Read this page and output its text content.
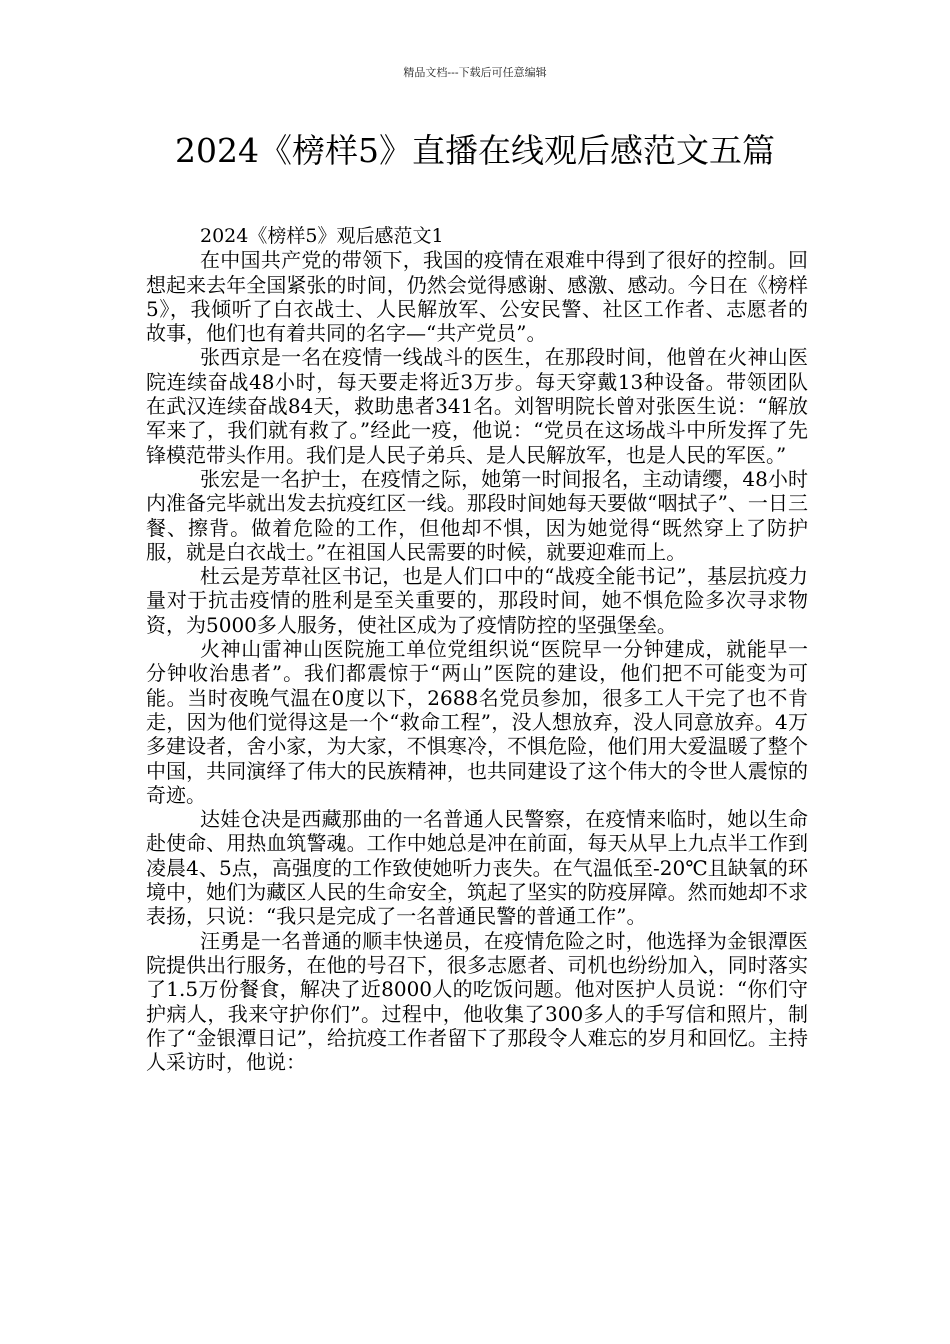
精品文档---下载后可任意编辑
2024《榜样5》直播在线观后感范文五篇

2024《榜样5》观后感范文1

在中国共产党的带领下，我国的疫情在艰难中得到了很好的控制。回想起来去年全国紧张的时间，仍然会觉得感谢、感激、感动。今日在《榜样5》，我倾听了白衣战士、人民解放军、公安民警、社区工作者、志愿者的故事，他们也有着共同的名字—“共产党员”。

张西京是一名在疫情一线战斗的医生，在那段时间，他曾在火神山医院连续奋战48小时，每天要走将近3万步。每天穿戴13种设备。带领团队在武汉连续奋战84天，救助患者341名。刘智明院长曾对张医生说：“解放军来了，我们就有救了。”经此一疫，他说：“党员在这场战斗中所发挥了先锋模范带头作用。我们是人民子弟兵、是人民解放军，也是人民的军医。”

张宏是一名护士，在疫情之际，她第一时间报名，主动请缨，48小时内准备完毕就出发去抗疫红区一线。那段时间她每天要做“咽拭子”、一日三餐、擦背。做着危险的工作，但他却不惧，因为她觉得“既然穿上了防护服，就是白衣战士。”在祖国人民需要的时候，就要迎难而上。

杜云是芳草社区书记，也是人们口中的“战疫全能书记”，基层抗疫力量对于抗击疫情的胜利是至关重要的，那段时间，她不惧危险多次寻求物资，为5000多人服务，使社区成为了疫情防控的坚强堡垒。

火神山雷神山医院施工单位党组织说“医院早一分钟建成，就能早一分钟收治患者”。我们都震惊于“两山”医院的建设，他们把不可能变为可能。当时夜晚气温在0度以下，2688名党员参加，很多工人干完了也不肯走，因为他们觉得这是一个“救命工程”，没人想放弃，没人同意放弃。4万多建设者，舍小家，为大家，不惧寒冷，不惧危险，他们用大爱温暖了整个中国，共同演绎了伟大的民族精神，也共同建设了这个伟大的令世人震惊的奇迹。

达娃仓决是西藏那曲的一名普通人民警察，在疫情来临时，她以生命赴使命、用热血筑警魂。工作中她总是冲在前面，每天从早上九点半工作到凌晨4、5点，高强度的工作致使她听力丧失。在气温低至-20℃且缺氧的环境中，她们为藏区人民的生命安全，筑起了坚实的防疫屏障。然而她却不求表扬，只说：“我只是完成了一名普通民警的普通工作”。

汪勇是一名普通的顺丰快递员，在疫情危险之时，他选择为金银潭医院提供出行服务，在他的号召下，很多志愿者、司机也纷纷加入，同时落实了1.5万份餐食，解决了近8000人的吃饭问题。他对医护人员说：“你们守护病人，我来守护你们”。过程中，他收集了300多人的手写信和照片，制作了“金银潭日记”，给抗疫工作者留下了那段令人难忘的岁月和回忆。主持人采访时，他说：
